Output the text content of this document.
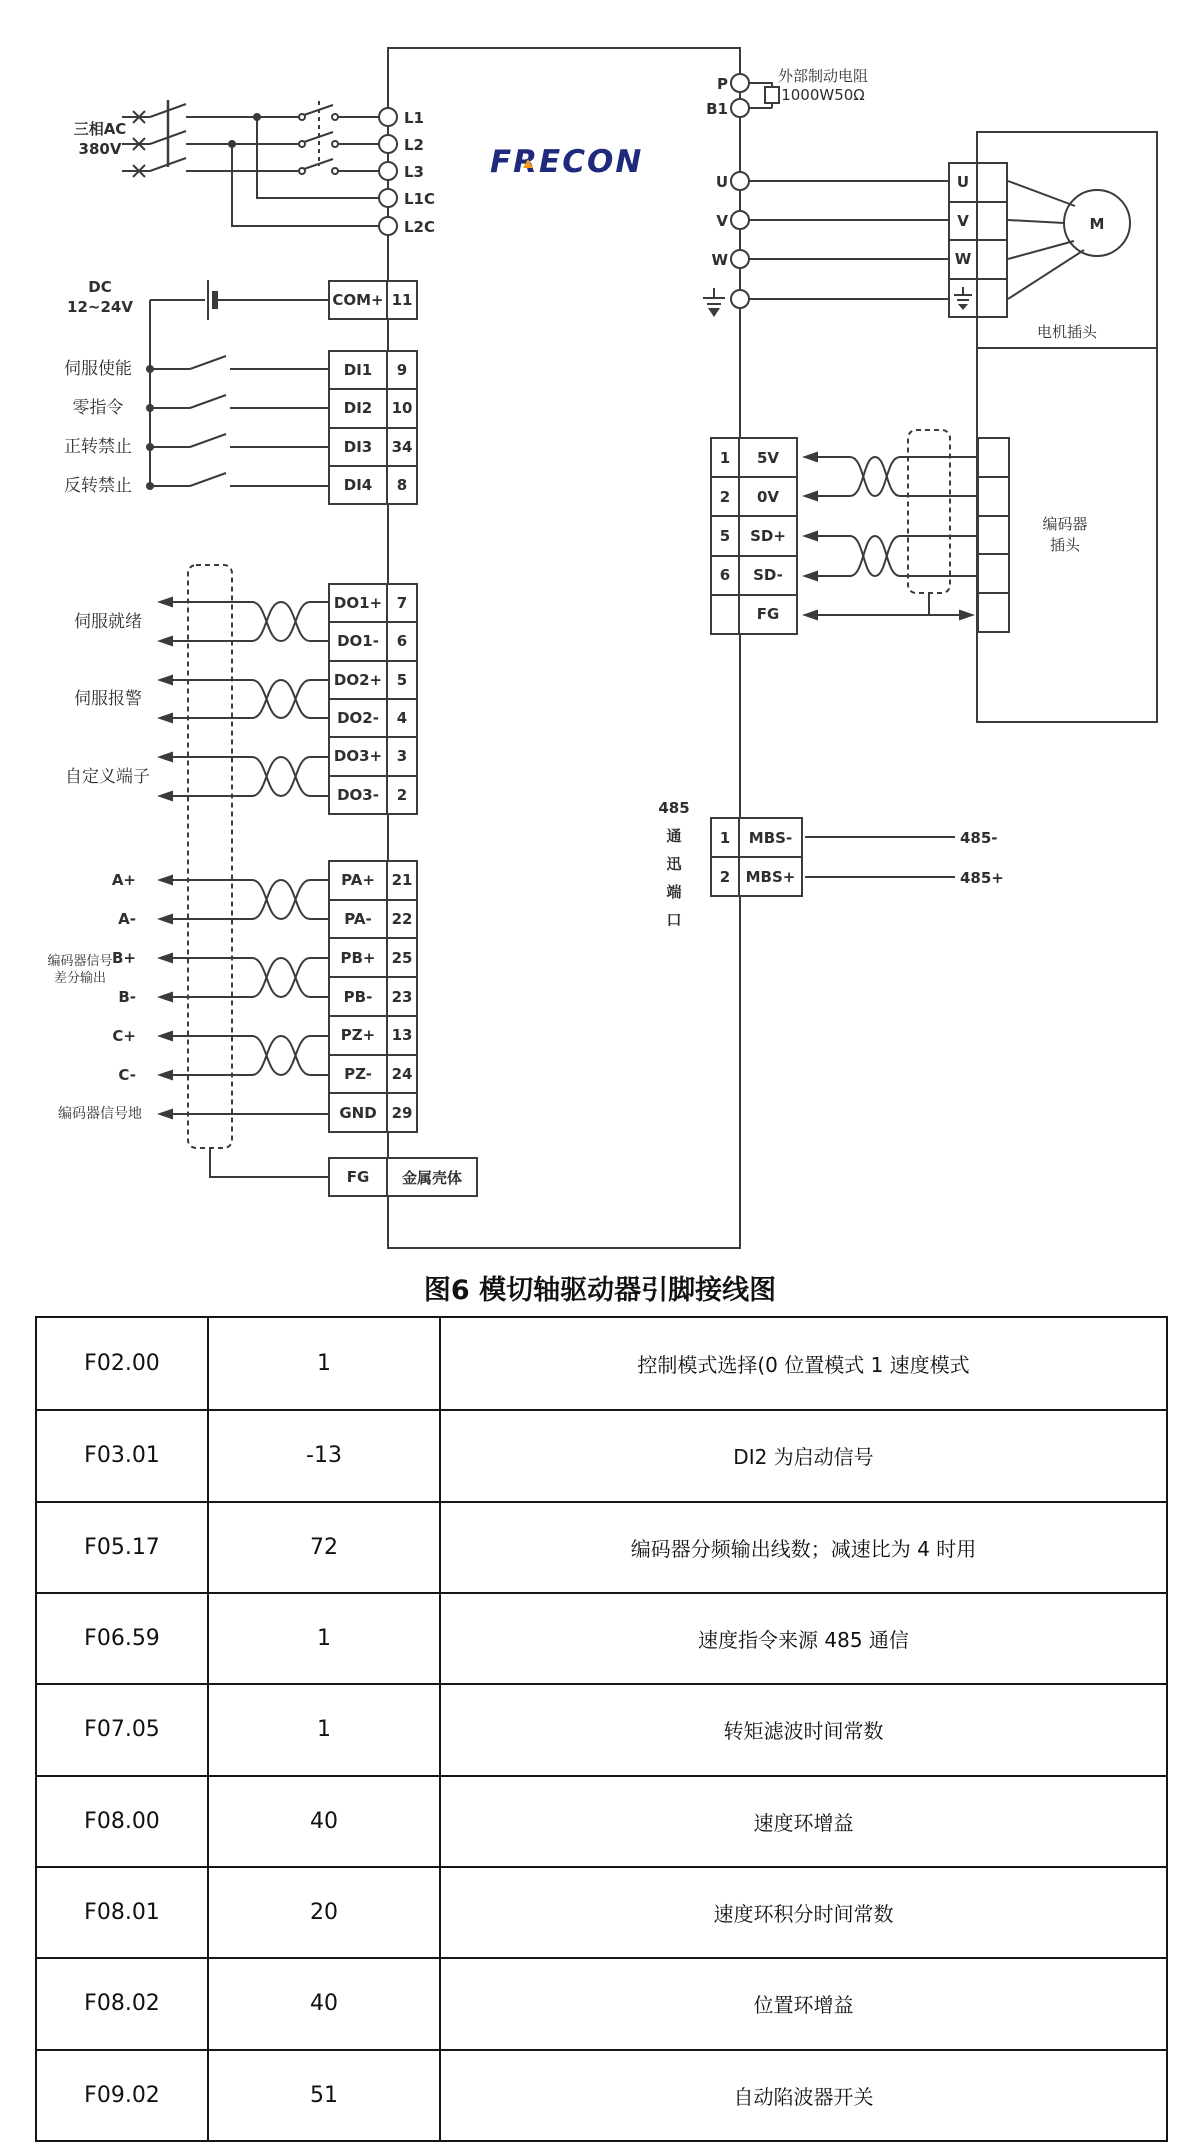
FRECON
三相AC
380V
DC
12~24V
L1
L2
L3
L1C
L2C
伺服使能
零指令
正转禁止
反转禁止
伺服就绪
伺服报警
自定义端子
A+
A-
B+
B-
C+
C-
编码器信号
差分输出
编码器信号地
P
B1
外部制动电阻
1000W50Ω
U
V
W
电机插头
M
编码器
插头
485
通
迅
端
口
485-
485+
COM+ 11
DI1	9
DI2	10
DI3	34
DI4	8
DO1+ 7
DO1-	6
DO2+ 5
DO2-	4
DO3+ 3
DO3-	2
PA+	21
PA-	22
PB+	25
PB-	23
PZ+	13
PZ-	24
GND 29
FG	金属壳体
1	5V
2	0V
5	SD+
6	SD-
FG
1	MBS-
2	MBS+
U
V
W
图6 模切轴驱动器引脚接线图
F02.00	1	控制模式选择(0 位置模式 1 速度模式
F03.01	-13	DI2 为启动信号
F05.17	72	编码器分频输出线数；减速比为 4 时用
F06.59	1	速度指令来源 485 通信
F07.05	1	转矩滤波时间常数
F08.00	40	速度环增益
F08.01	20	速度环积分时间常数
F08.02	40	位置环增益
F09.02	51	自动陷波器开关
